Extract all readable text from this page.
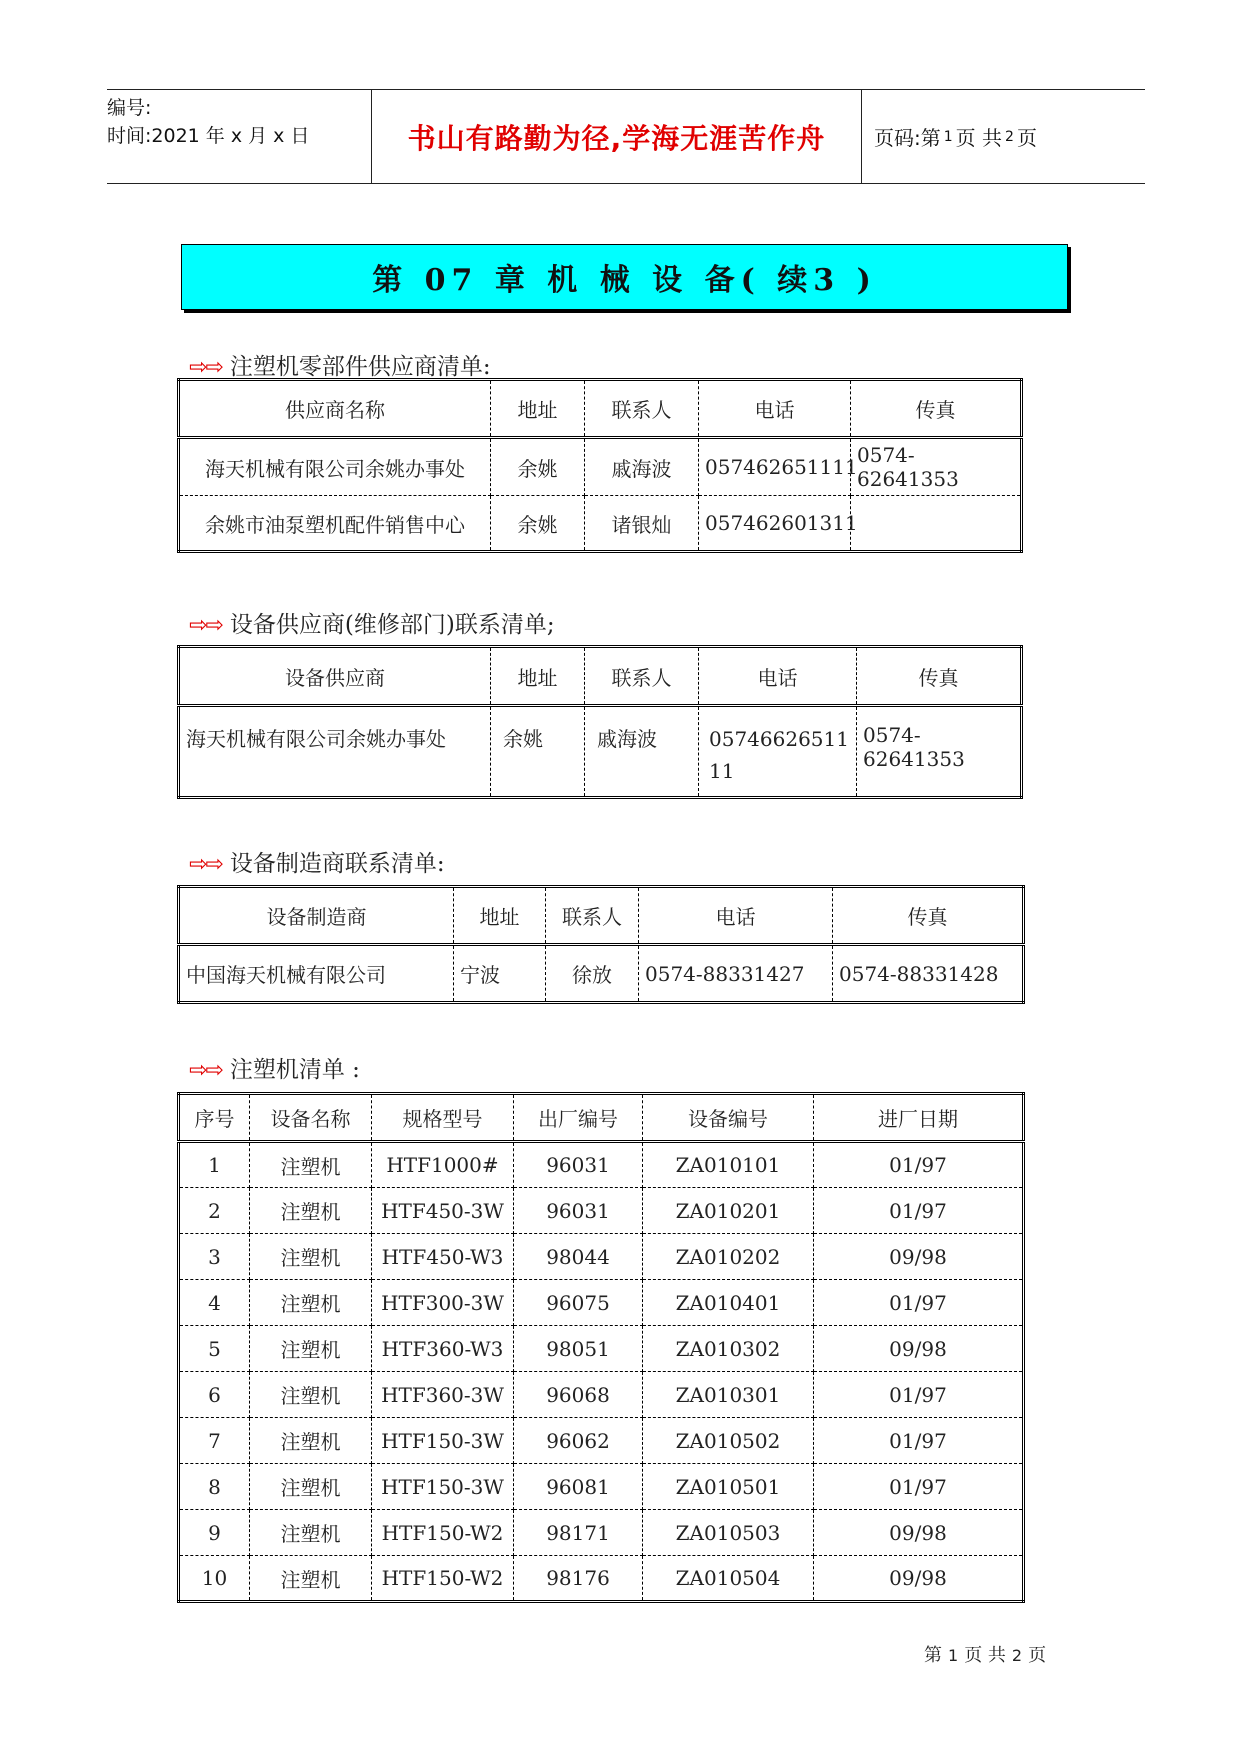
编号:
时间:2021 年 x 月 x 日	书山有路勤为径,学海无涯苦作舟	页码:第 1 页 共 2 页
第 07 章 机 械 设 备( 续3 )
⇨⇨ 注塑机零部件供应商清单:
供应商名称	地址	联系人	电话	传真
海天机械有限公司余姚办事处	余姚	戚海波	057462651111	0574-62641353
余姚市油泵塑机配件销售中心	余姚	诸银灿	057462601311	
⇨⇨ 设备供应商(维修部门)联系清单;
设备供应商	地址	联系人	电话	传真
海天机械有限公司余姚办事处	余姚	戚海波	0574662651111	0574-62641353
⇨⇨ 设备制造商联系清单:
设备制造商	地址	联系人	电话	传真
中国海天机械有限公司	宁波	徐放	0574-88331427	0574-88331428
⇨⇨ 注塑机清单 :
序号	设备名称	规格型号	出厂编号	设备编号	进厂日期
1	注塑机	HTF1000#	96031	ZA010101	01/97
2	注塑机	HTF450-3W	96031	ZA010201	01/97
3	注塑机	HTF450-W3	98044	ZA010202	09/98
4	注塑机	HTF300-3W	96075	ZA010401	01/97
5	注塑机	HTF360-W3	98051	ZA010302	09/98
6	注塑机	HTF360-3W	96068	ZA010301	01/97
7	注塑机	HTF150-3W	96062	ZA010502	01/97
8	注塑机	HTF150-3W	96081	ZA010501	01/97
9	注塑机	HTF150-W2	98171	ZA010503	09/98
10	注塑机	HTF150-W2	98176	ZA010504	09/98
第 1 页 共 2 页
